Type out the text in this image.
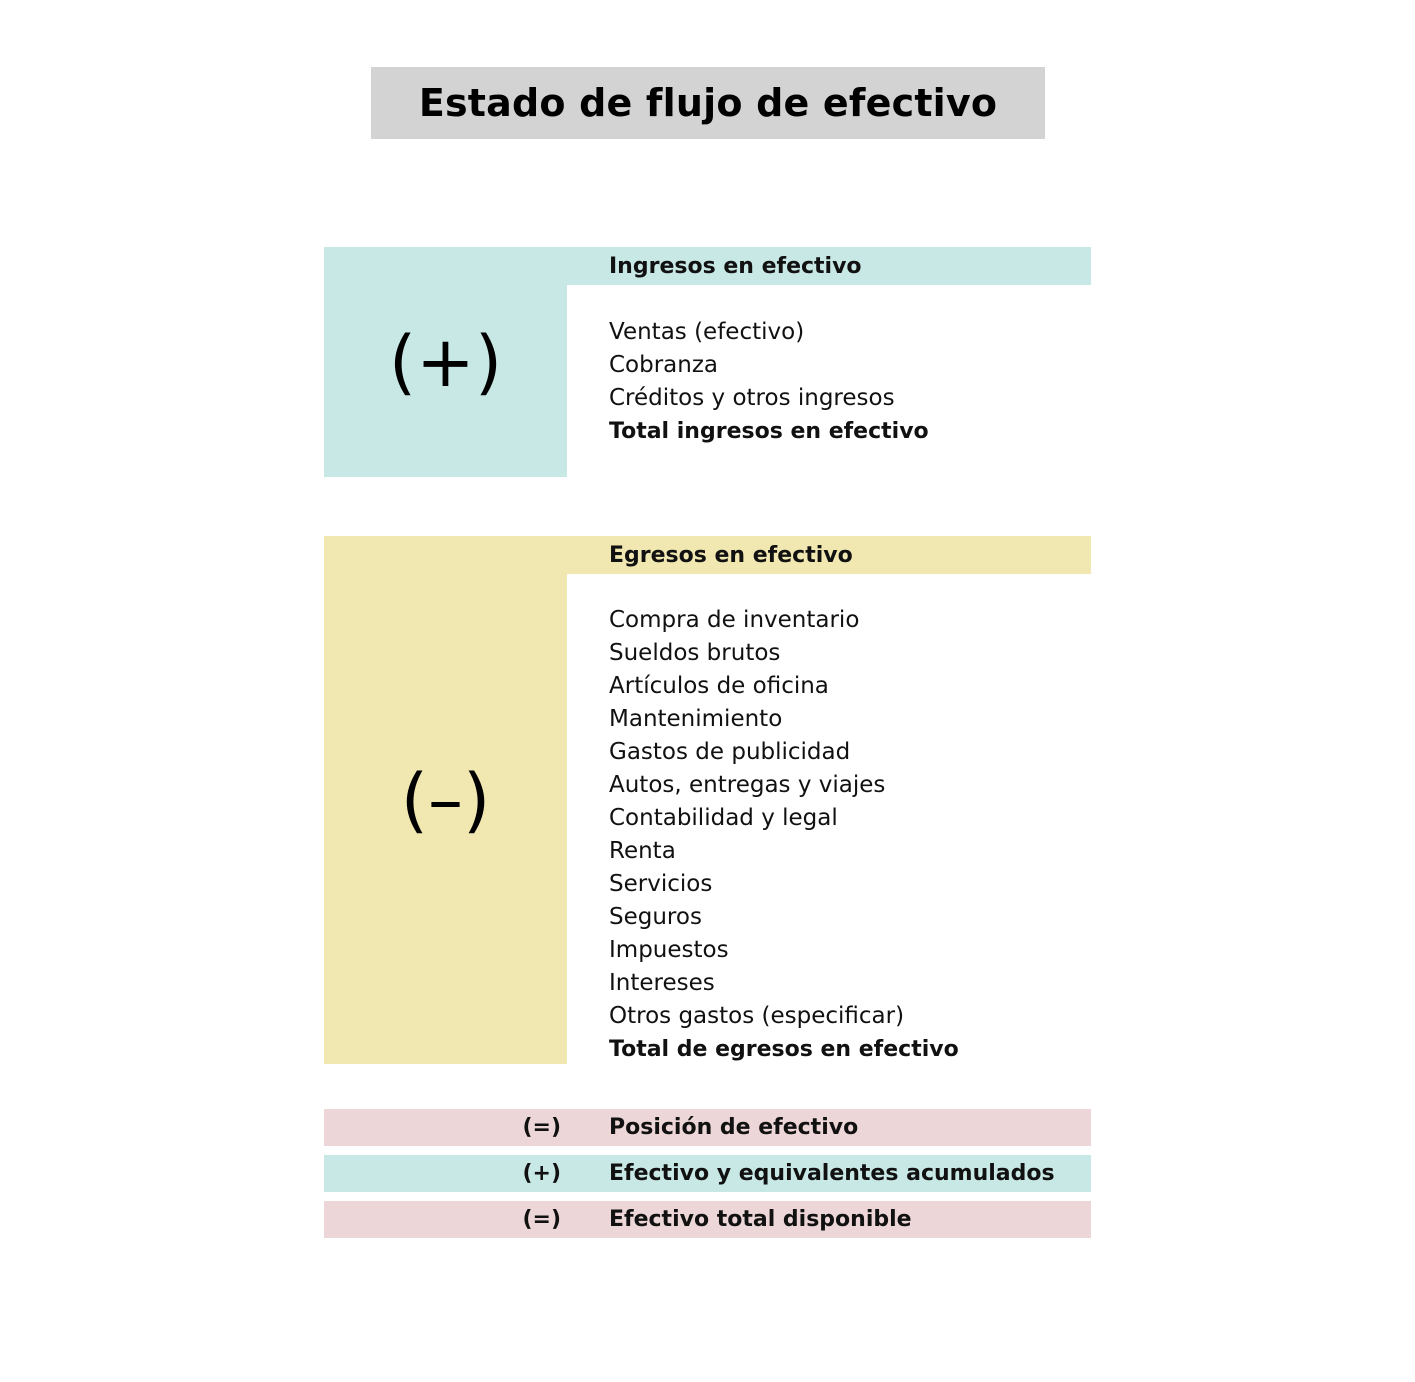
Estado de flujo de efectivo
(+)
Ingresos en efectivo
Ventas (efectivo)
Cobranza
Créditos y otros ingresos
Total ingresos en efectivo
(–)
Egresos en efectivo
Compra de inventario
Sueldos brutos
Artículos de oficina
Mantenimiento
Gastos de publicidad
Autos, entregas y viajes
Contabilidad y legal
Renta
Servicios
Seguros
Impuestos
Intereses
Otros gastos (especificar)
Total de egresos en efectivo
(=) Posición de efectivo
(+) Efectivo y equivalentes acumulados
(=) Efectivo total disponible
